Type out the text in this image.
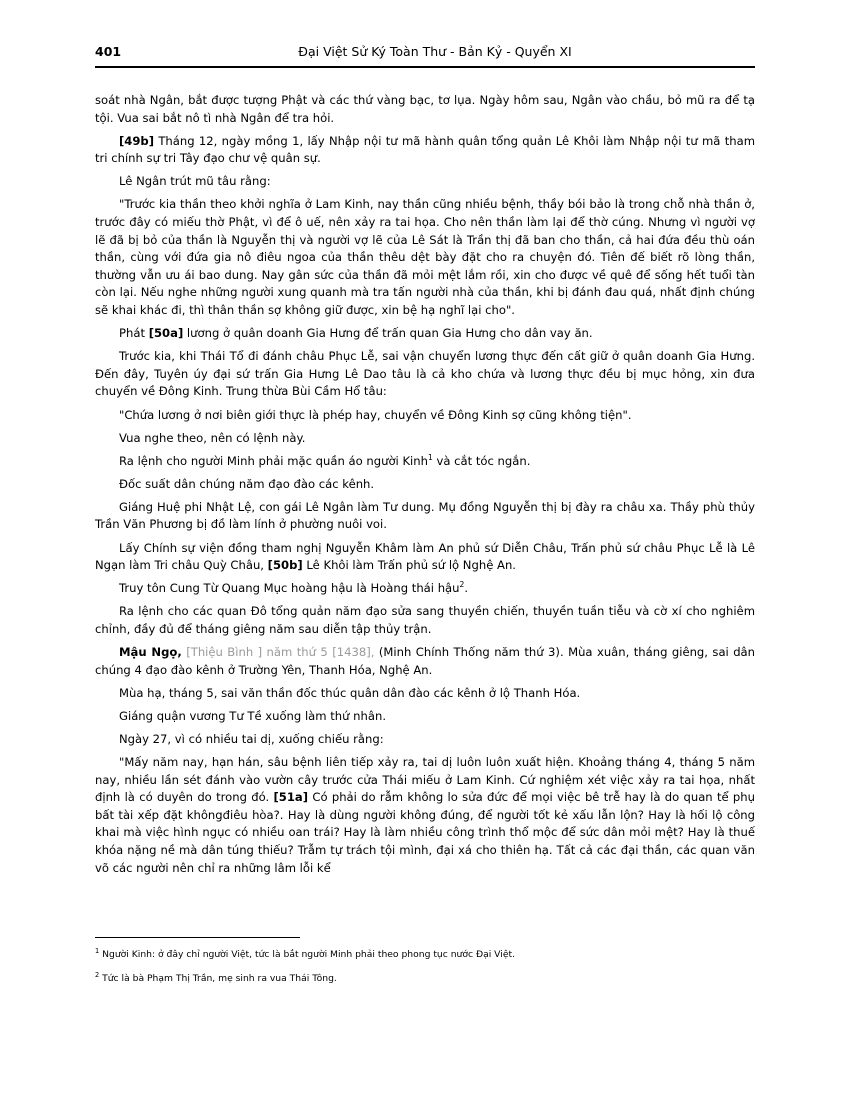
401	Đại Việt Sử Ký Toàn Thư - Bản Kỷ - Quyển XI

soát nhà Ngân, bắt được tượng Phật và các thứ vàng bạc, tơ lụa. Ngày hôm sau, Ngân vào chầu, bỏ mũ ra để tạ tội. Vua sai bắt nô tì nhà Ngân để tra hỏi.

[49b] Tháng 12, ngày mồng 1, lấy Nhập nội tư mã hành quân tổng quản Lê Khôi làm Nhập nội tư mã tham tri chính sự tri Tây đạo chư vệ quân sự.

Lê Ngân trút mũ tâu rằng:

"Trước kia thần theo khởi nghĩa ở Lam Kinh, nay thần cũng nhiều bệnh, thầy bói bảo là trong chỗ nhà thần ở, trước đây có miếu thờ Phật, vì để ô uế, nên xảy ra tai họa. Cho nên thần làm lại để thờ cúng. Nhưng vì người vợ lẽ đã bị bỏ của thần là Nguyễn thị và người vợ lẽ của Lê Sát là Trần thị đã ban cho thần, cả hai đứa đều thù oán thần, cùng với đứa gia nô điêu ngoa của thần thêu dệt bày đặt cho ra chuyện đó. Tiên đế biết rõ lòng thần, thường vẫn ưu ái bao dung. Nay gân sức của thần đã mỏi mệt lắm rồi, xin cho được về quê để sống hết tuổi tàn còn lại. Nếu nghe những người xung quanh mà tra tấn người nhà của thần, khi bị đánh đau quá, nhất định chúng sẽ khai khác đi, thì thân thần sợ không giữ được, xin bệ hạ nghĩ lại cho".

Phát [50a] lương ở quân doanh Gia Hưng để trấn quan Gia Hưng cho dân vay ăn.

Trước kia, khi Thái Tổ đi đánh châu Phục Lễ, sai vận chuyển lương thực đến cất giữ ở quân doanh Gia Hưng. Đến đây, Tuyên úy đại sứ trấn Gia Hưng Lê Dao tâu là cả kho chứa và lương thực đều bị mục hỏng, xin đưa chuyển về Đông Kinh. Trung thừa Bùi Cầm Hổ tâu:

"Chứa lương ở nơi biên giới thực là phép hay, chuyển về Đông Kinh sợ cũng không tiện".

Vua nghe theo, nên có lệnh này.

Ra lệnh cho người Minh phải mặc quần áo người Kinh$^1$ và cắt tóc ngắn.

Đốc suất dân chúng năm đạo đào các kênh.

Giáng Huệ phi Nhật Lệ, con gái Lê Ngân làm Tư dung. Mụ đồng Nguyễn thị bị đày ra châu xa. Thầy phù thủy Trần Văn Phương bị đồ làm lính ở phường nuôi voi.

Lấy Chính sự viện đồng tham nghị Nguyễn Khâm làm An phủ sứ Diễn Châu, Trấn phủ sứ châu Phục Lễ là Lê Ngạn làm Tri châu Quỳ Châu, [50b] Lê Khôi làm Trấn phủ sứ lộ Nghệ An.

Truy tôn Cung Từ Quang Mục hoàng hậu là Hoàng thái hậu$^2$.

Ra lệnh cho các quan Đô tổng quản năm đạo sửa sang thuyền chiến, thuyền tuần tiễu và cờ xí cho nghiêm chỉnh, đầy đủ để tháng giêng năm sau diễn tập thủy trận.

Mậu Ngọ, [Thiệu Bình ] năm thứ 5 [1438], (Minh Chính Thống năm thứ 3). Mùa xuân, tháng giêng, sai dân chúng 4 đạo đào kênh ở Trường Yên, Thanh Hóa, Nghệ An.

Mùa hạ, tháng 5, sai văn thần đốc thúc quân dân đào các kênh ở lộ Thanh Hóa.

Giáng quận vương Tư Tề xuống làm thứ nhân.

Ngày 27, vì có nhiều tai dị, xuống chiếu rằng:

"Mấy năm nay, hạn hán, sâu bệnh liên tiếp xảy ra, tai dị luôn luôn xuất hiện. Khoảng tháng 4, tháng 5 năm nay, nhiều lần sét đánh vào vườn cây trước cửa Thái miếu ở Lam Kinh. Cứ nghiệm xét việc xảy ra tai họa, nhất định là có duyên do trong đó. [51a] Có phải do rẫm không lo sửa đức để mọi việc bê trễ hay là do quan tể phụ bất tài xếp đặt khôngđiêu hòa?. Hay là dùng người không đúng, để người tốt kẻ xấu lẫn lộn? Hay là hối lộ công khai mà việc hình ngục có nhiều oan trái? Hay là làm nhiều công trình thổ mộc để sức dân mỏi mệt? Hay là thuế khóa nặng nề mà dân túng thiếu? Trẫm tự trách tội mình, đại xá cho thiên hạ. Tất cả các đại thần, các quan văn võ các người nên chỉ ra những lâm lỗi kể

$^1$ Người Kinh: ở đây chỉ người Việt, tức là bắt người Minh phải theo phong tục nước Đại Việt.

$^2$ Tức là bà Phạm Thị Trần, mẹ sinh ra vua Thái Tông.
